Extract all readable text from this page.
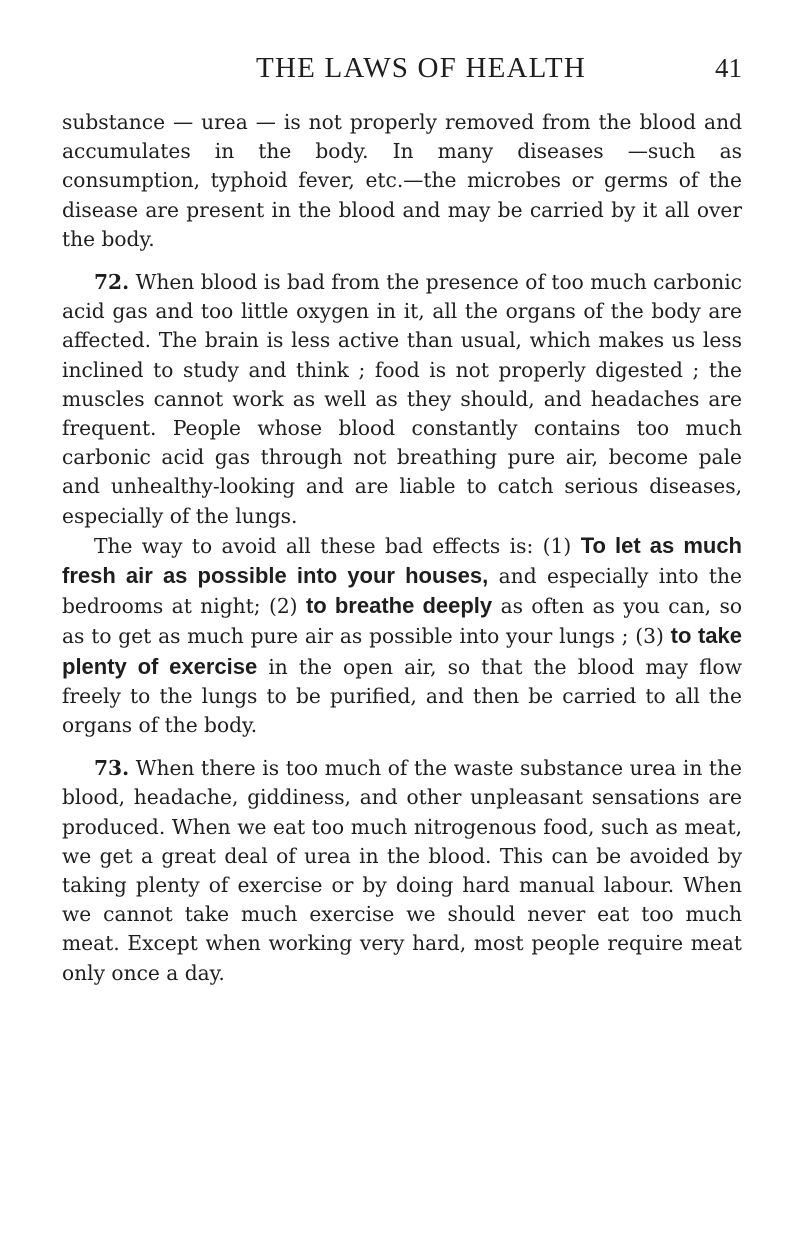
THE LAWS OF HEALTH	41

substance — urea — is not properly removed from the blood and accumulates in the body. In many diseases —such as consumption, typhoid fever, etc.—the microbes or germs of the disease are present in the blood and may be carried by it all over the body.

72. When blood is bad from the presence of too much carbonic acid gas and too little oxygen in it, all the organs of the body are affected. The brain is less active than usual, which makes us less inclined to study and think ; food is not properly digested ; the muscles cannot work as well as they should, and headaches are frequent. People whose blood constantly contains too much carbonic acid gas through not breathing pure air, become pale and unhealthy-looking and are liable to catch serious diseases, especially of the lungs.

The way to avoid all these bad effects is: (1) To let as much fresh air as possible into your houses, and especially into the bedrooms at night; (2) to breathe deeply as often as you can, so as to get as much pure air as possible into your lungs ; (3) to take plenty of exercise in the open air, so that the blood may flow freely to the lungs to be purified, and then be carried to all the organs of the body.

73. When there is too much of the waste substance urea in the blood, headache, giddiness, and other unpleasant sensations are produced. When we eat too much nitrogenous food, such as meat, we get a great deal of urea in the blood. This can be avoided by taking plenty of exercise or by doing hard manual labour. When we cannot take much exercise we should never eat too much meat. Except when working very hard, most people require meat only once a day.
